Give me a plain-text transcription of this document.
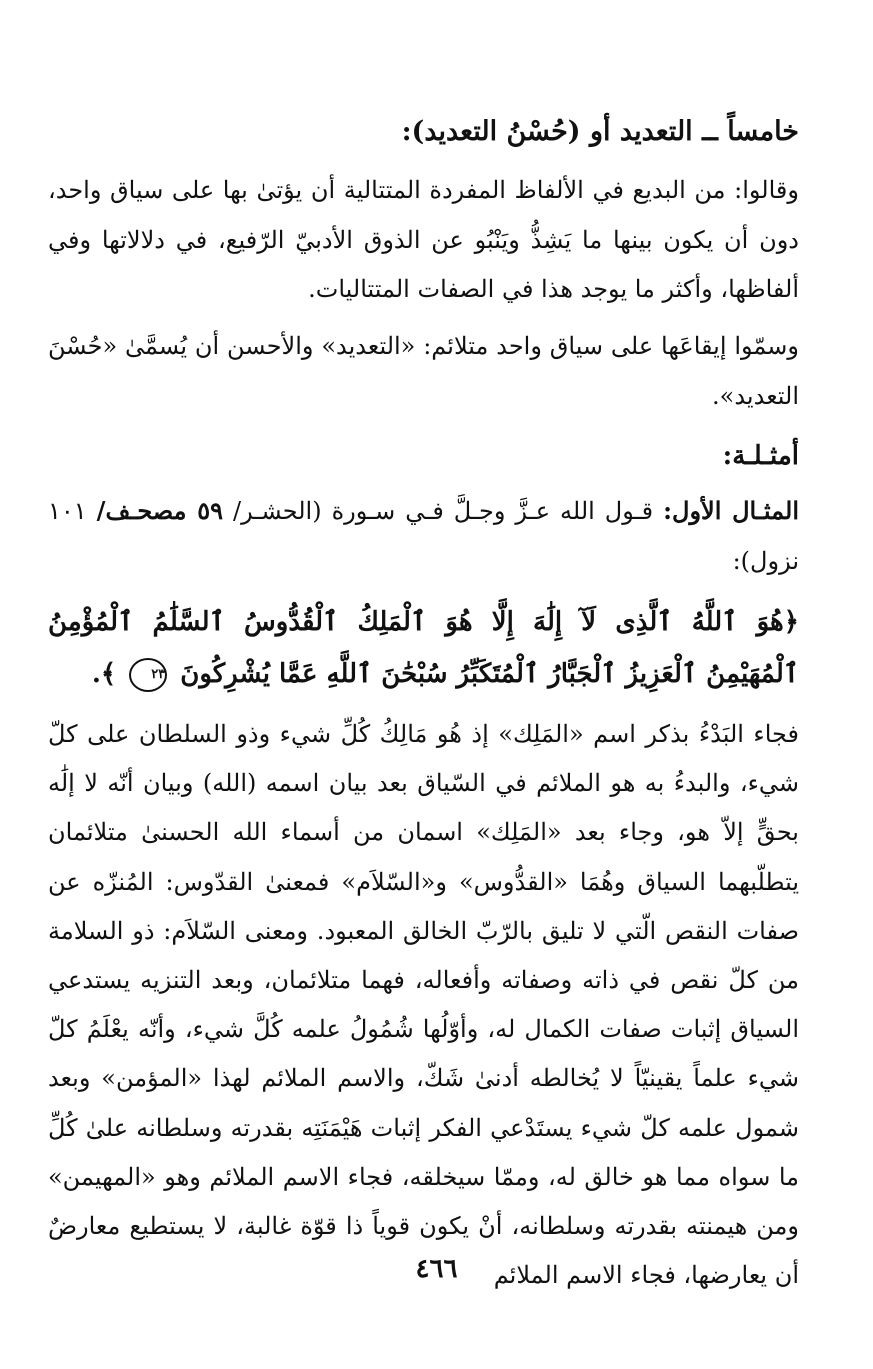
خامساً ــ التعديد أو (حُسْنُ التعديد):
وقالوا: من البديع في الألفاظ المفردة المتتالية أن يؤتىٰ بها على سياق واحد، دون أن يكون بينها ما يَشِذُّ ويَنْبُو عن الذوق الأدبيّ الرّفيع، في دلالاتها وفي ألفاظها، وأكثر ما يوجد هذا في الصفات المتتاليات.
وسمّوا إيقاعَها على سياق واحد متلائم: «التعديد» والأحسن أن يُسمَّىٰ «حُسْنَ التعديد».
أمثـلـة:
المثـال الأول: قـول الله عـزَّ وجـلَّ فـي سـورة (الحشـر/ ٥٩ مصحـف/ ١٠١ نزول):
﴿هُوَ ٱللَّهُ ٱلَّذِى لَآ إِلَٰهَ إِلَّا هُوَ ٱلْمَلِكُ ٱلْقُدُّوسُ ٱلسَّلَٰمُ ٱلْمُؤْمِنُ ٱلْمُهَيْمِنُ ٱلْعَزِيزُ ٱلْجَبَّارُ ٱلْمُتَكَبِّرُ سُبْحَٰنَ ٱللَّهِ عَمَّا يُشْرِكُونَ ٢٣ ﴾.
فجاء البَدْءُ بذكر اسم «المَلِك» إذ هُو مَالِكُ كُلِّ شيء وذو السلطان على كلّ شيء، والبدءُ به هو الملائم في السّياق بعد بيان اسمه (الله) وبيان أنّه لا إلَٰه بحقٍّ إلاّ هو، وجاء بعد «المَلِك» اسمان من أسماء الله الحسنىٰ متلائمان يتطلّبهما السياق وهُمَا «القدُّوس» و«السّلاَم» فمعنىٰ القدّوس: المُنزّه عن صفات النقص الّتي لا تليق بالرّبّ الخالق المعبود. ومعنى السّلاَم: ذو السلامة من كلّ نقص في ذاته وصفاته وأفعاله، فهما متلائمان، وبعد التنزيه يستدعي السياق إثبات صفات الكمال له، وأوّلُها شُمُولُ علمه كُلَّ شيء، وأنّه يعْلَمُ كلّ شيء علماً يقينيّاً لا يُخالطه أدنىٰ شَكّ، والاسم الملائم لهذا «المؤمن» وبعد شمول علمه كلّ شيء يستَدْعي الفكر إثبات هَيْمَنَتِه بقدرته وسلطانه علىٰ كُلِّ ما سواه مما هو خالق له، وممّا سيخلقه، فجاء الاسم الملائم وهو «المهيمن» ومن هيمنته بقدرته وسلطانه، أنْ يكون قوياً ذا قوّة غالبة، لا يستطيع معارضٌ أن يعارضها، فجاء الاسم الملائم
٤٦٦
